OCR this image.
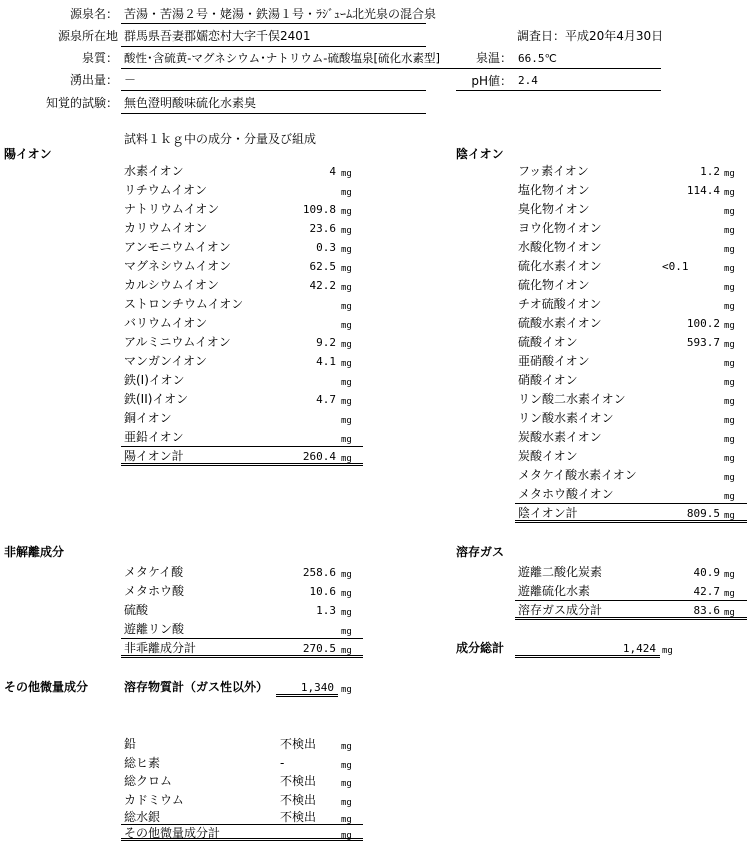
源泉名： 苦湯・苦湯２号・姥湯・鉄湯１号・ﾗｼﾞｭｰﾑ北光泉の混合泉
源泉所在地 群馬県吾妻郡嬬恋村大字千俣2401	調査日：平成20年4月30日
泉質： 酸性･含硫黄-マグネシウム･ナトリウム-硫酸塩泉[硫化水素型]	泉温： 66.5℃
湧出量： －	pH値： 2.4
知覚的試験： 無色澄明酸味硫化水素臭
試料１ｋｇ中の成分・分量及び組成
陽イオン	陰イオン
非解離成分	溶存ガス
その他微量成分
水素イオン	4 mg
リチウムイオン	mg
ナトリウムイオン	109.8 mg
カリウムイオン	23.6 mg
アンモニウムイオン	0.3 mg
マグネシウムイオン	62.5 mg
カルシウムイオン	42.2 mg
ストロンチウムイオン	mg
バリウムイオン	mg
アルミニウムイオン	9.2 mg
マンガンイオン	4.1 mg
鉄(I)イオン	mg
鉄(II)イオン	4.7 mg
銅イオン	mg
亜鉛イオン	mg
陽イオン計	260.4 mg
フッ素イオン	1.2 mg
塩化物イオン	114.4 mg
臭化物イオン	mg
ヨウ化物イオン	mg
水酸化物イオン	mg
硫化水素イオン	<0.1	mg
硫化物イオン	mg
チオ硫酸イオン	mg
硫酸水素イオン	100.2 mg
硫酸イオン	593.7 mg
亜硝酸イオン	mg
硝酸イオン	mg
リン酸二水素イオン	mg
リン酸水素イオン	mg
炭酸水素イオン	mg
炭酸イオン	mg
メタケイ酸水素イオン	mg
メタホウ酸イオン	mg
陰イオン計	809.5 mg
メタケイ酸	258.6 mg
メタホウ酸	10.6 mg
硫酸	1.3 mg
遊離リン酸	mg
非乖離成分計	270.5 mg
遊離二酸化炭素	40.9 mg
遊離硫化水素	42.7 mg
溶存ガス成分計	83.6 mg
成分総計	1,424 mg
溶存物質計（ガス性以外）	1,340 mg
鉛	不検出	mg
総ヒ素	-	mg
総クロム	不検出	mg
カドミウム	不検出	mg
総水銀	不検出	mg
その他微量成分計	mg
